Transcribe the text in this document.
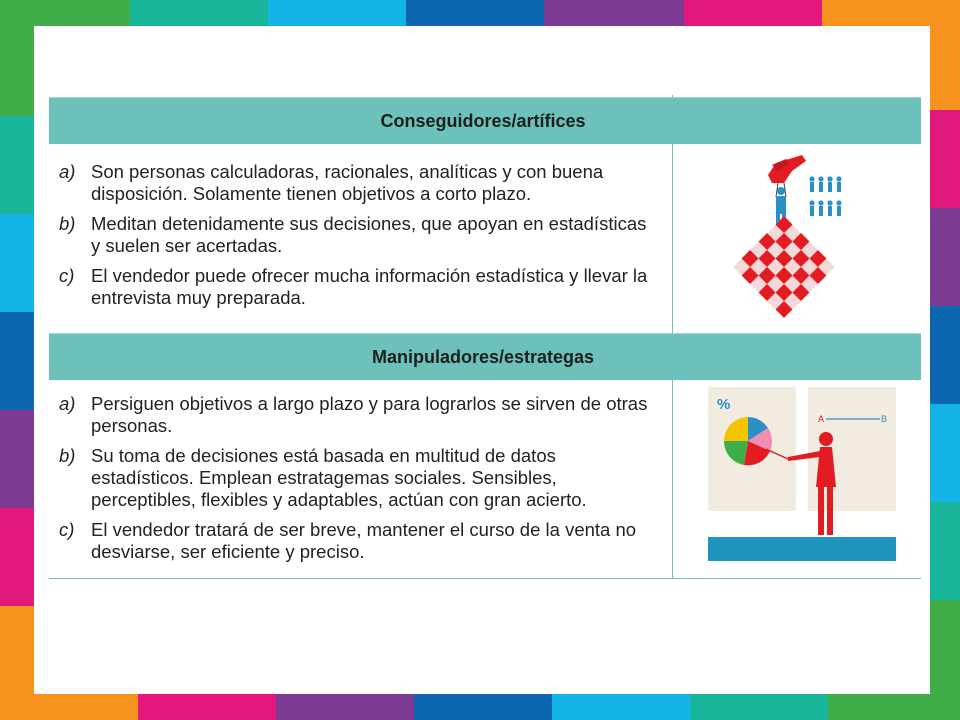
Conseguidores/artífices
a) Son personas calculadoras, racionales, analíticas y con buena disposición. Solamente tienen objetivos a corto plazo.
b) Meditan detenidamente sus decisiones, que apoyan en estadísticas y suelen ser acertadas.
c) El vendedor puede ofrecer mucha información estadística y llevar la entrevista muy preparada.
Manipuladores/estrategas
a) Persiguen objetivos a largo plazo y para lograrlos se sirven de otras personas.
b) Su toma de decisiones está basada en multitud de datos estadísticos. Emplean estratagemas sociales. Sensibles, perceptibles, flexibles y adaptables, actúan con gran acierto.
c) El vendedor tratará de ser breve, mantener el curso de la venta no desviarse, ser eficiente y preciso.
%
A	B
